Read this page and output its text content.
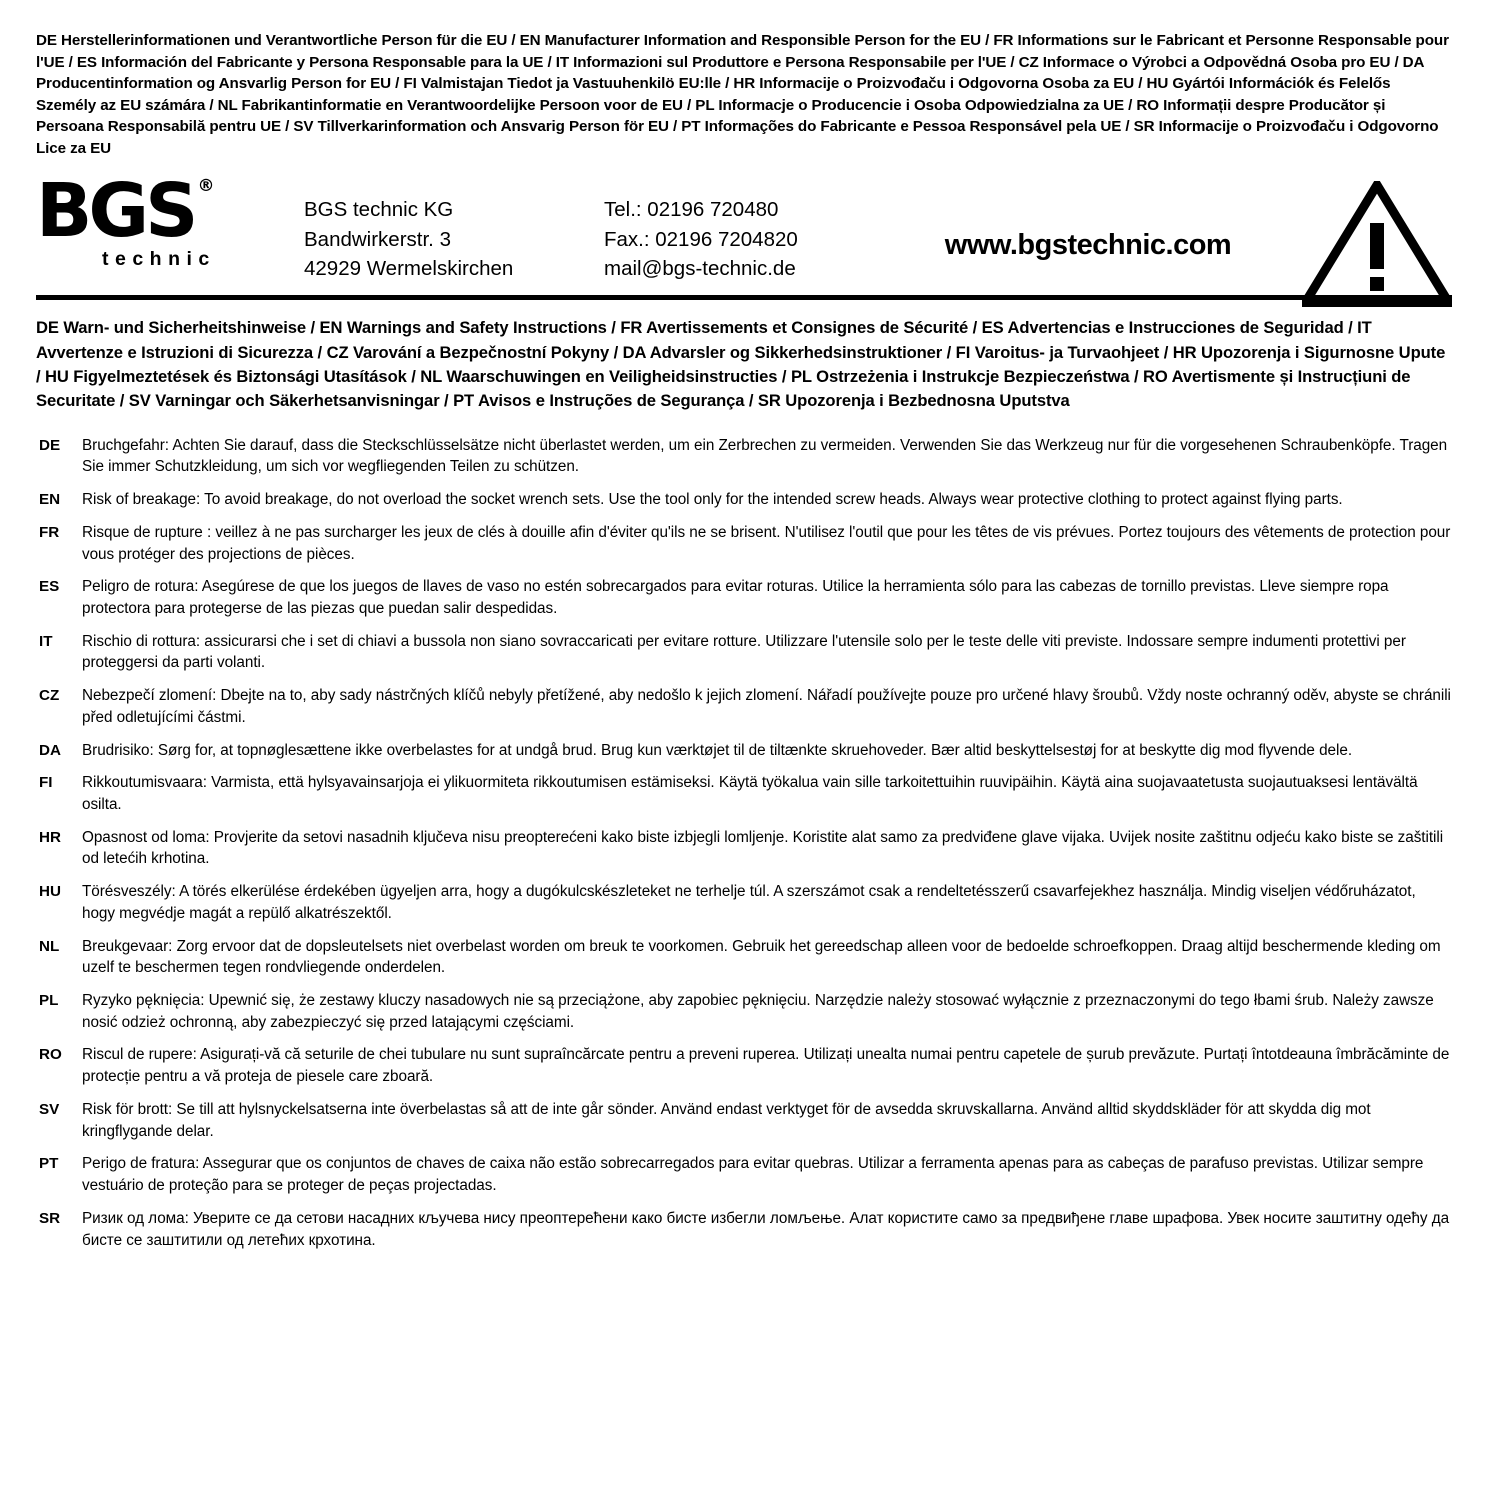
DE Herstellerinformationen und Verantwortliche Person für die EU / EN Manufacturer Information and Responsible Person for the EU / FR Informations sur le Fabricant et Personne Responsable pour l'UE / ES Información del Fabricante y Persona Responsable para la UE / IT Informazioni sul Produttore e Persona Responsabile per l'UE / CZ Informace o Výrobci a Odpovědná Osoba pro EU / DA Producentinformation og Ansvarlig Person for EU / FI Valmistajan Tiedot ja Vastuuhenkilö EU:lle / HR Informacije o Proizvođaču i Odgovorna Osoba za EU / HU Gyártói Információk és Felelős Személy az EU számára / NL Fabrikantinformatie en Verantwoordelijke Persoon voor de EU / PL Informacje o Producencie i Osoba Odpowiedzialna za UE / RO Informații despre Producător și Persoana Responsabilă pentru UE / SV Tillverkarinformation och Ansvarig Person för EU / PT Informações do Fabricante e Pessoa Responsável pela UE / SR Informacije o Proizvođaču i Odgovorno Lice za EU
BGS ®
technic
BGS technic KG
Bandwirkerstr. 3
42929 Wermelskirchen
Tel.: 02196 720480
Fax.: 02196 7204820
mail@bgs-technic.de
www.bgstechnic.com
DE Warn- und Sicherheitshinweise / EN Warnings and Safety Instructions / FR Avertissements et Consignes de Sécurité / ES Advertencias e Instrucciones de Seguridad / IT Avvertenze e Istruzioni di Sicurezza / CZ Varování a Bezpečnostní Pokyny / DA Advarsler og Sikkerhedsinstruktioner / FI Varoitus- ja Turvaohjeet / HR Upozorenja i Sigurnosne Upute / HU Figyelmeztetések és Biztonsági Utasítások / NL Waarschuwingen en Veiligheidsinstructies / PL Ostrzeżenia i Instrukcje Bezpieczeństwa / RO Avertismente și Instrucțiuni de Securitate / SV Varningar och Säkerhetsanvisningar / PT Avisos e Instruções de Segurança / SR Upozorenja i Bezbednosna Uputstva
DE	Bruchgefahr: Achten Sie darauf, dass die Steckschlüsselsätze nicht überlastet werden, um ein Zerbrechen zu vermeiden. Verwenden Sie das Werkzeug nur für die vorgesehenen Schraubenköpfe. Tragen Sie immer Schutzkleidung, um sich vor wegfliegenden Teilen zu schützen.
EN	Risk of breakage: To avoid breakage, do not overload the socket wrench sets. Use the tool only for the intended screw heads. Always wear protective clothing to protect against flying parts.
FR	Risque de rupture : veillez à ne pas surcharger les jeux de clés à douille afin d'éviter qu'ils ne se brisent. N'utilisez l'outil que pour les têtes de vis prévues. Portez toujours des vêtements de protection pour vous protéger des projections de pièces.
ES	Peligro de rotura: Asegúrese de que los juegos de llaves de vaso no estén sobrecargados para evitar roturas. Utilice la herramienta sólo para las cabezas de tornillo previstas. Lleve siempre ropa protectora para protegerse de las piezas que puedan salir despedidas.
IT	Rischio di rottura: assicurarsi che i set di chiavi a bussola non siano sovraccaricati per evitare rotture. Utilizzare l'utensile solo per le teste delle viti previste. Indossare sempre indumenti protettivi per proteggersi da parti volanti.
CZ	Nebezpečí zlomení: Dbejte na to, aby sady nástrčných klíčů nebyly přetížené, aby nedošlo k jejich zlomení. Nářadí používejte pouze pro určené hlavy šroubů. Vždy noste ochranný oděv, abyste se chránili před odletujícími částmi.
DA	Brudrisiko: Sørg for, at topnøglesættene ikke overbelastes for at undgå brud. Brug kun værktøjet til de tiltænkte skruehoveder. Bær altid beskyttelsestøj for at beskytte dig mod flyvende dele.
FI	Rikkoutumisvaara: Varmista, että hylsyavainsarjoja ei ylikuormiteta rikkoutumisen estämiseksi. Käytä työkalua vain sille tarkoitettuihin ruuvipäihin. Käytä aina suojavaatetusta suojautuaksesi lentävältä osilta.
HR	Opasnost od loma: Provjerite da setovi nasadnih ključeva nisu preopterećeni kako biste izbjegli lomljenje. Koristite alat samo za predviđene glave vijaka. Uvijek nosite zaštitnu odjeću kako biste se zaštitili od letećih krhotina.
HU	Törésveszély: A törés elkerülése érdekében ügyeljen arra, hogy a dugókulcskészleteket ne terhelje túl. A szerszámot csak a rendeltetésszerű csavarfejekhez használja. Mindig viseljen védőruházatot, hogy megvédje magát a repülő alkatrészektől.
NL	Breukgevaar: Zorg ervoor dat de dopsleutelsets niet overbelast worden om breuk te voorkomen. Gebruik het gereedschap alleen voor de bedoelde schroefkoppen. Draag altijd beschermende kleding om uzelf te beschermen tegen rondvliegende onderdelen.
PL	Ryzyko pęknięcia: Upewnić się, że zestawy kluczy nasadowych nie są przeciążone, aby zapobiec pęknięciu. Narzędzie należy stosować wyłącznie z przeznaczonymi do tego łbami śrub. Należy zawsze nosić odzież ochronną, aby zabezpieczyć się przed latającymi częściami.
RO	Riscul de rupere: Asigurați-vă că seturile de chei tubulare nu sunt supraîncărcate pentru a preveni ruperea. Utilizați unealta numai pentru capetele de șurub prevăzute. Purtați întotdeauna îmbrăcăminte de protecție pentru a vă proteja de piesele care zboară.
SV	Risk för brott: Se till att hylsnyckelsatserna inte överbelastas så att de inte går sönder. Använd endast verktyget för de avsedda skruvskallarna. Använd alltid skyddskläder för att skydda dig mot kringflygande delar.
PT	Perigo de fratura: Assegurar que os conjuntos de chaves de caixa não estão sobrecarregados para evitar quebras. Utilizar a ferramenta apenas para as cabeças de parafuso previstas. Utilizar sempre vestuário de proteção para se proteger de peças projectadas.
SR	Ризик од лома: Уверите се да сетови насадних кључева нису преоптерећени како бисте избегли ломљење. Алат користите само за предвиђене главе шрафова. Увек носите заштитну одећу да бисте се заштитили од летећих крхотина.
